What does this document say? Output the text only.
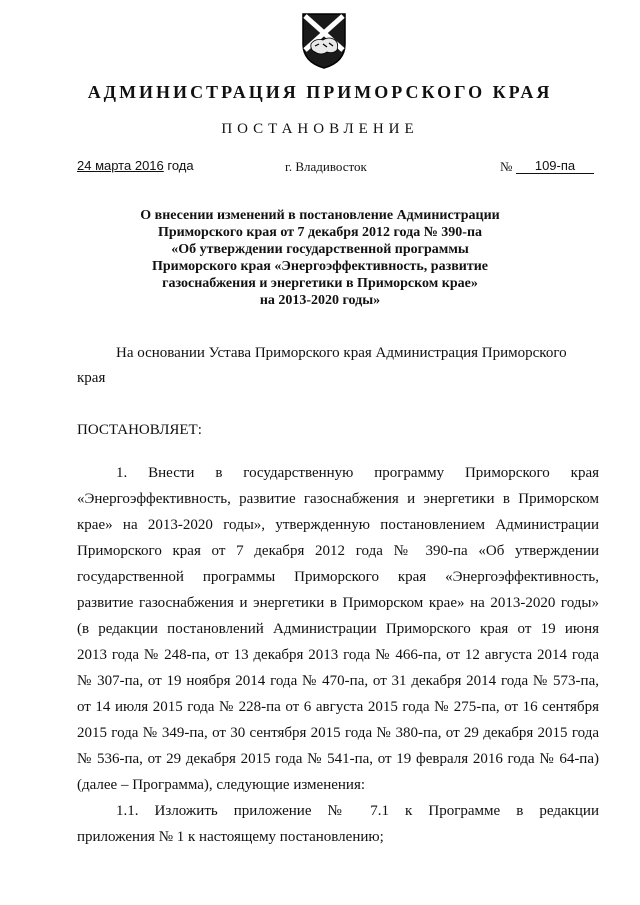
АДМИНИСТРАЦИЯ ПРИМОРСКОГО КРАЯ
ПОСТАНОВЛЕНИЕ
24 марта 2016 года	г. Владивосток	№	109-па
О внесении изменений в постановление Администрации
Приморского края от 7 декабря 2012 года № 390-па
«Об утверждении государственной программы
Приморского края «Энергоэффективность, развитие
газоснабжения и энергетики в Приморском крае»
на 2013-2020 годы»
На основании Устава Приморского края Администрация Приморского
края
ПОСТАНОВЛЯЕТ:
1. Внести в государственную программу Приморского края
«Энергоэффективность, развитие газоснабжения и энергетики в Приморском
крае» на 2013-2020 годы», утвержденную постановлением Администрации
Приморского края от 7 декабря 2012 года № 390-па «Об утверждении
государственной программы Приморского края «Энергоэффективность,
развитие газоснабжения и энергетики в Приморском крае» на 2013-2020 годы»
(в редакции постановлений Администрации Приморского края от 19 июня
2013 года № 248-па, от 13 декабря 2013 года № 466-па, от 12 августа 2014 года
№ 307-па, от 19 ноября 2014 года № 470-па, от 31 декабря 2014 года № 573-па,
от 14 июля 2015 года № 228-па от 6 августа 2015 года № 275-па, от 16 сентября
2015 года № 349-па, от 30 сентября 2015 года № 380-па, от 29 декабря 2015 года
№ 536-па, от 29 декабря 2015 года № 541-па, от 19 февраля 2016 года № 64-па)
(далее – Программа), следующие изменения:
1.1. Изложить приложение № 7.1 к Программе в редакции
приложения № 1 к настоящему постановлению;
